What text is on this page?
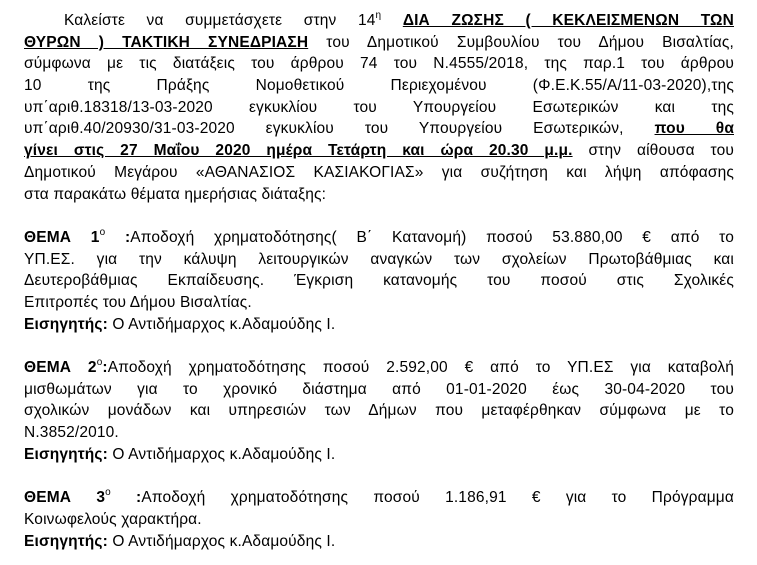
Καλείστε να συμμετάσχετε στην $14^\eta$ ΔΙΑ ΖΩΣΗΣ ( ΚΕΚΛΕΙΣΜΕΝΩΝ ΤΩΝ
ΘΥΡΩΝ ) ΤΑΚΤΙΚΗ ΣΥΝΕΔΡΙΑΣΗ του Δημοτικού Συμβουλίου του Δήμου Βισαλτίας,
σύμφωνα με τις διατάξεις του άρθρου 74 του Ν.4555/2018, της παρ.1 του άρθρου
10 της Πράξης Νομοθετικού Περιεχομένου (Φ.Ε.Κ.55/Α/11-03-2020),της
υπ΄αριθ.18318/13-03-2020 εγκυκλίου του Υπουργείου Εσωτερικών και της
υπ΄αριθ.40/20930/31-03-2020 εγκυκλίου του Υπουργείου Εσωτερικών, που θα
γίνει στις 27 Μαΐου 2020 ημέρα Τετάρτη και ώρα 20.30 μ.μ. στην αίθουσα του
Δημοτικού Μεγάρου «ΑΘΑΝΑΣΙΟΣ ΚΑΣΙΑΚΟΓΙΑΣ» για συζήτηση και λήψη απόφασης
στα παρακάτω θέματα ημερήσιας διάταξης:
ΘΕΜΑ $1^o$ :Αποδοχή χρηματοδότησης( Β΄ Κατανομή) ποσού 53.880,00 € από το
ΥΠ.ΕΣ. για την κάλυψη λειτουργικών αναγκών των σχολείων Πρωτοβάθμιας και
Δευτεροβάθμιας Εκπαίδευσης. Έγκριση κατανομής του ποσού στις Σχολικές
Επιτροπές του Δήμου Βισαλτίας.
Εισηγητής: Ο Αντιδήμαρχος κ.Αδαμούδης Ι.
ΘΕΜΑ $2^o:A\pi o\delta o\chi ή$ χρηματοδότησης ποσού 2.592,00 € από το ΥΠ.ΕΣ για καταβολή
μισθωμάτων για το χρονικό διάστημα από 01-01-2020 έως 30-04-2020 του
σχολικών μονάδων και υπηρεσιών των Δήμων που μεταφέρθηκαν σύμφωνα με το
Ν.3852/2010.
Εισηγητής: Ο Αντιδήμαρχος κ.Αδαμούδης Ι.
ΘΕΜΑ $3^o$ :Αποδοχή χρηματοδότησης ποσού 1.186,91 € για το Πρόγραμμα
Κοινωφελούς χαρακτήρα.
Εισηγητής: Ο Αντιδήμαρχος κ.Αδαμούδης Ι.
